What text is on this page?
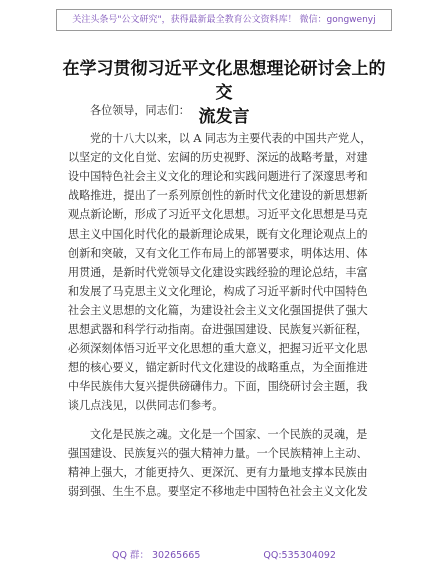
关注头条号"公文研究"，获得最新最全教育公文资料库！ 微信：gongwenyj
在学习贯彻习近平文化思想理论研讨会上的交
流发言
各位领导，同志们：
党的十八大以来，以 A 同志为主要代表的中国共产党人，
以坚定的文化自觉、宏阔的历史视野、深远的战略考量，对建
设中国特色社会主义文化的理论和实践问题进行了深邃思考和
战略推进，提出了一系列原创性的新时代文化建设的新思想新
观点新论断，形成了习近平文化思想。习近平文化思想是马克
思主义中国化时代化的最新理论成果，既有文化理论观点上的
创新和突破，又有文化工作布局上的部署要求，明体达用、体
用贯通，是新时代党领导文化建设实践经验的理论总结，丰富
和发展了马克思主义文化理论，构成了习近平新时代中国特色
社会主义思想的文化篇，为建设社会主义文化强国提供了强大
思想武器和科学行动指南。奋进强国建设、民族复兴新征程，
必须深刻体悟习近平文化思想的重大意义，把握习近平文化思
想的核心要义，锚定新时代文化建设的战略重点，为全面推进
中华民族伟大复兴提供磅礴伟力。下面，围绕研讨会主题，我
谈几点浅见，以供同志们参考。
文化是民族之魂。文化是一个国家、一个民族的灵魂，是
强国建设、民族复兴的强大精神力量。一个民族精神上主动、
精神上强大，才能更持久、更深沉、更有力量地支撑本民族由
弱到强、生生不息。要坚定不移地走中国特色社会主义文化发
QQ 群： 30265665	QQ:535304092
